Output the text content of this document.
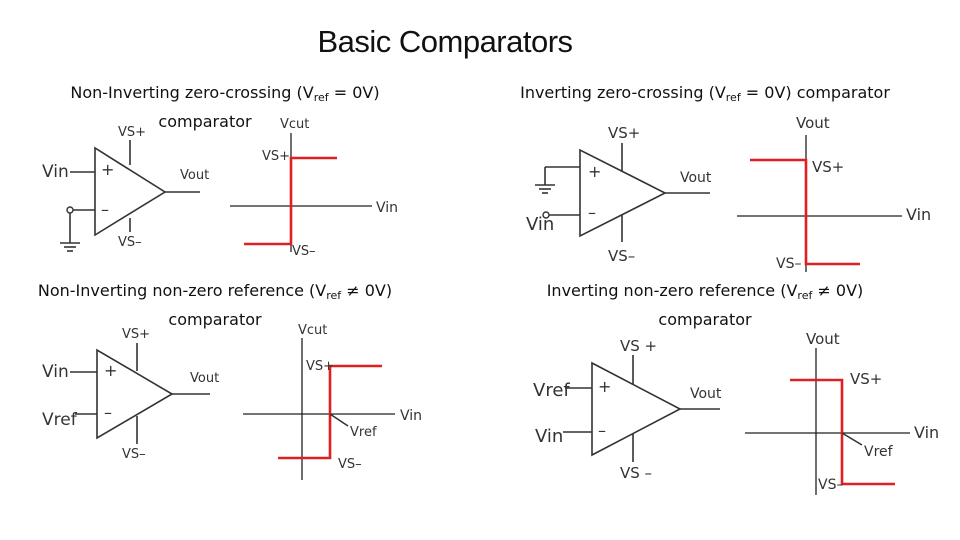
Basic Comparators
Non-Inverting zero-crossing $(V_{ref} = 0V)$
comparator
Inverting zero-crossing $(V_{ref} = 0V)$ comparator
Non-Inverting non-zero reference $(V_{ref} \ne 0V)$
comparator
Inverting non-zero reference $(V_{ref} \ne 0V)$
comparator
+
–
VS+
VS–
Vin	Vout
Vcut
VS+
VS–
Vin
+
–
VS+
VS–
Vin
Vout
Vout
VS+
VS–
Vin
+
–
VS+
VS–
Vin
Vref
Vout
Vcut
VS+
VS–
Vin
Vref
+
–
VS +
VS –
Vref
Vin
Vout
Vout
VS+
VS–
Vin
Vref
